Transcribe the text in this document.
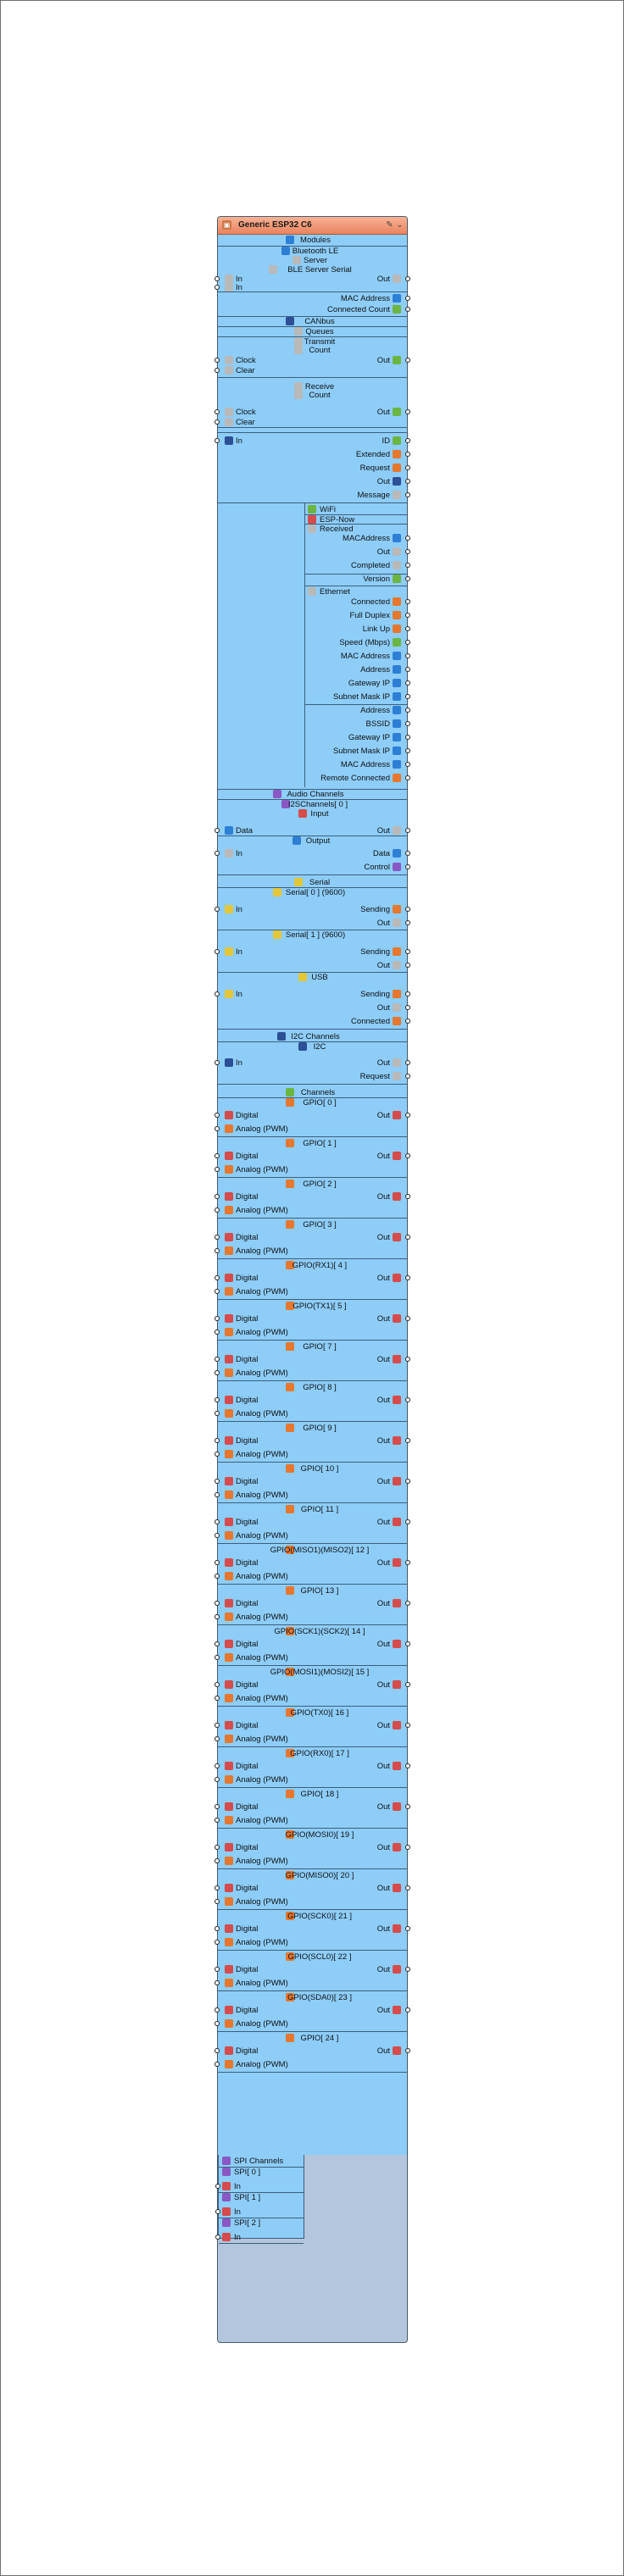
▣ Generic ESP32 C6	✎ ⌄
Modules
Bluetooth LE
Server
BLE Server Serial
In	Out
In
MAC Address
Connected Count
CANbus
Queues
Transmit
Count
Clock	Out
Clear
Receive
Count
Clock	Out
Clear
In	ID
Extended
Request
Out
Message
WiFi
ESP-Now
Received
MACAddress
Out
Completed
Version
Ethernet
Connected
Full Duplex
Link Up
Speed (Mbps)
MAC Address
Address
Gateway IP
Subnet Mask IP
Address
BSSID
Gateway IP
Subnet Mask IP
MAC Address
Remote Connected
Audio Channels
I2SChannels[ 0 ]
Input
Data	Out
Output
In	Data
Control
Serial
Serial[ 0 ] (9600)
In	Sending
Out
Serial[ 1 ] (9600)
In	Sending
Out
USB
In	Sending
Out
Connected
I2C Channels
I2C
In	Out
Request
Channels
GPIO[ 0 ]
Digital	Out
Analog (PWM)
GPIO[ 1 ]
Digital	Out
Analog (PWM)
GPIO[ 2 ]
Digital	Out
Analog (PWM)
GPIO[ 3 ]
Digital	Out
Analog (PWM)
GPIO(RX1)[ 4 ]
Digital	Out
Analog (PWM)
GPIO(TX1)[ 5 ]
Digital	Out
Analog (PWM)
GPIO[ 7 ]
Digital	Out
Analog (PWM)
GPIO[ 8 ]
Digital	Out
Analog (PWM)
GPIO[ 9 ]
Digital	Out
Analog (PWM)
GPIO[ 10 ]
Digital	Out
Analog (PWM)
GPIO[ 11 ]
Digital	Out
Analog (PWM)
GPIO(MISO1)(MISO2)[ 12 ]
Digital	Out
Analog (PWM)
GPIO[ 13 ]
Digital	Out
Analog (PWM)
GPIO(SCK1)(SCK2)[ 14 ]
Digital	Out
Analog (PWM)
GPIO(MOSI1)(MOSI2)[ 15 ]
Digital	Out
Analog (PWM)
GPIO(TX0)[ 16 ]
Digital	Out
Analog (PWM)
GPIO(RX0)[ 17 ]
Digital	Out
Analog (PWM)
GPIO[ 18 ]
Digital	Out
Analog (PWM)
GPIO(MOSI0)[ 19 ]
Digital	Out
Analog (PWM)
GPIO(MISO0)[ 20 ]
Digital	Out
Analog (PWM)
GPIO(SCK0)[ 21 ]
Digital	Out
Analog (PWM)
GPIO(SCL0)[ 22 ]
Digital	Out
Analog (PWM)
GPIO(SDA0)[ 23 ]
Digital	Out
Analog (PWM)
GPIO[ 24 ]
Digital	Out
Analog (PWM)
SPI Channels
SPI[ 0 ]
In
SPI[ 1 ]
In
SPI[ 2 ]
In
